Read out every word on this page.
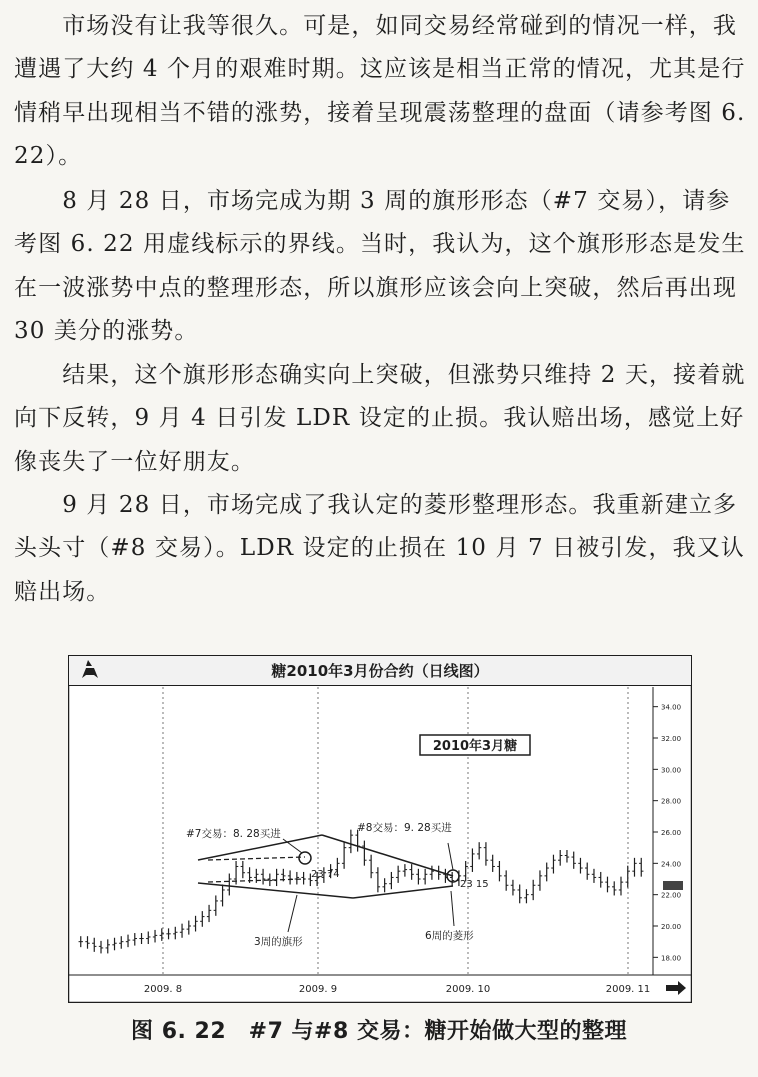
　　市场没有让我等很久。可是，如同交易经常碰到的情况一样，我遭遇了大约 4 个月的艰难时期。这应该是相当正常的情况，尤其是行情稍早出现相当不错的涨势，接着呈现震荡整理的盘面（请参考图 6. 22）。

　　8 月 28 日，市场完成为期 3 周的旗形形态（#7 交易），请参考图 6. 22 用虚线标示的界线。当时，我认为，这个旗形形态是发生在一波涨势中点的整理形态，所以旗形应该会向上突破，然后再出现 30 美分的涨势。

　　结果，这个旗形形态确实向上突破，但涨势只维持 2 天，接着就向下反转，9 月 4 日引发 LDR 设定的止损。我认赔出场，感觉上好像丧失了一位好朋友。

　　9 月 28 日，市场完成了我认定的菱形整理形态。我重新建立多头头寸（#8 交易）。LDR 设定的止损在 10 月 7 日被引发，我又认赔出场。

糖2010年3月份合约（日线图）
34.00
32.00
30.00
28.00
26.00
24.00
22.00
20.00
18.00
2009. 8	2009. 9	2009. 10	2009. 11
2010年3月糖
#7交易：8. 28买进	#8交易：9. 28买进
23 74
23 15
3周的旗形	6周的菱形
图 6. 22　#7 与#8 交易：糖开始做大型的整理
